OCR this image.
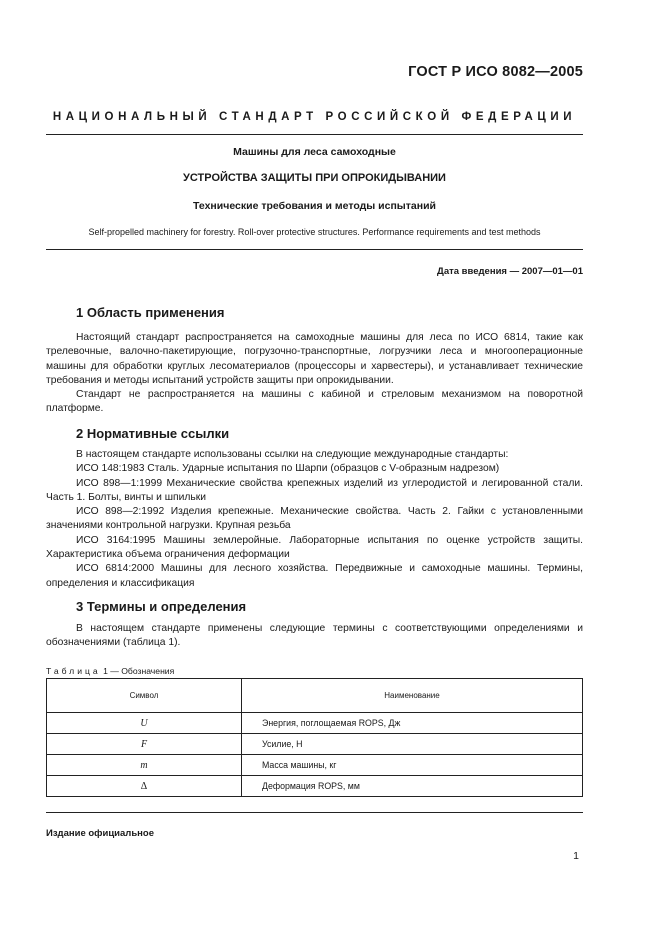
ГОСТ Р ИСО 8082—2005
НАЦИОНАЛЬНЫЙ СТАНДАРТ РОССИЙСКОЙ ФЕДЕРАЦИИ
Машины для леса самоходные
УСТРОЙСТВА ЗАЩИТЫ ПРИ ОПРОКИДЫВАНИИ
Технические требования и методы испытаний
Self-propelled machinery for forestry. Roll-over protective structures. Performance requirements and test methods
Дата введения — 2007—01—01
1 Область применения

Настоящий стандарт распространяется на самоходные машины для леса по ИСО 6814, такие как трелевочные, валочно-пакетирующие, погрузочно-транспортные, логрузчики леса и многооперационные машины для обработки круглых лесоматериалов (процессоры и харвестеры), и устанавливает технические требования и методы испытаний устройств защиты при опрокидывании.

Стандарт не распространяется на машины с кабиной и стреловым механизмом на поворотной платформе.

2 Нормативные ссылки

В настоящем стандарте использованы ссылки на следующие международные стандарты:

ИСО 148:1983 Сталь. Ударные испытания по Шарпи (образцов с V-образным надрезом)

ИСО 898—1:1999 Механические свойства крепежных изделий из углеродистой и легированной стали. Часть 1. Болты, винты и шпильки

ИСО 898—2:1992 Изделия крепежные. Механические свойства. Часть 2. Гайки с установленными значениями контрольной нагрузки. Крупная резьба

ИСО 3164:1995 Машины землеройные. Лабораторные испытания по оценке устройств защиты. Характеристика объема ограничения деформации

ИСО 6814:2000 Машины для лесного хозяйства. Передвижные и самоходные машины. Термины, определения и классификация

3 Термины и определения

В настоящем стандарте применены следующие термины с соответствующими определениями и обозначениями (таблица 1).

Таблица 1 — Обозначения
Символ	Наименование
U	Энергия, поглощаемая ROPS, Дж
F	Усилие, Н
m	Масса машины, кг
Δ	Деформация ROPS, мм
Издание официальное
1
